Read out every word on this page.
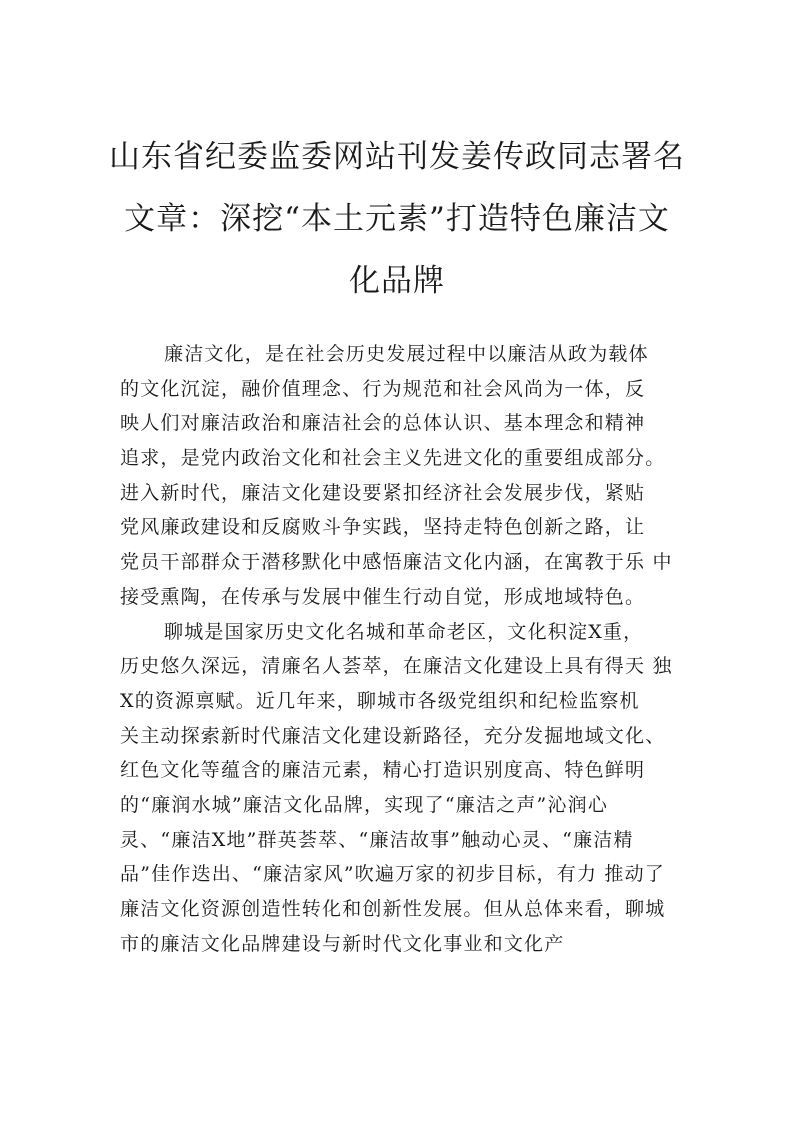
山东省纪委监委网站刊发姜传政同志署名
文章：深挖“本土元素”打造特色廉洁文
化品牌
廉洁文化，是在社会历史发展过程中以廉洁从政为载体
的文化沉淀，融价值理念、行为规范和社会风尚为一体，反
映人们对廉洁政治和廉洁社会的总体认识、基本理念和精神
追求，是党内政治文化和社会主义先进文化的重要组成部分。
进入新时代，廉洁文化建设要紧扣经济社会发展步伐，紧贴
党风廉政建设和反腐败斗争实践，坚持走特色创新之路，让
党员干部群众于潜移默化中感悟廉洁文化内涵，在寓教于乐 中
接受熏陶，在传承与发展中催生行动自觉，形成地域特色。
聊城是国家历史文化名城和革命老区，文化积淀X重，
历史悠久深远，清廉名人荟萃，在廉洁文化建设上具有得天 独
X的资源禀赋。近几年来，聊城市各级党组织和纪检监察机
关主动探索新时代廉洁文化建设新路径，充分发掘地域文化、
红色文化等蕴含的廉洁元素，精心打造识别度高、特色鲜明
的“廉润水城”廉洁文化品牌，实现了“廉洁之声”沁润心
灵、“廉洁X地”群英荟萃、“廉洁故事”触动心灵、“廉洁精
品”佳作迭出、“廉洁家风”吹遍万家的初步目标，有力 推动了
廉洁文化资源创造性转化和创新性发展。但从总体来看，聊城
市的廉洁文化品牌建设与新时代文化事业和文化产
